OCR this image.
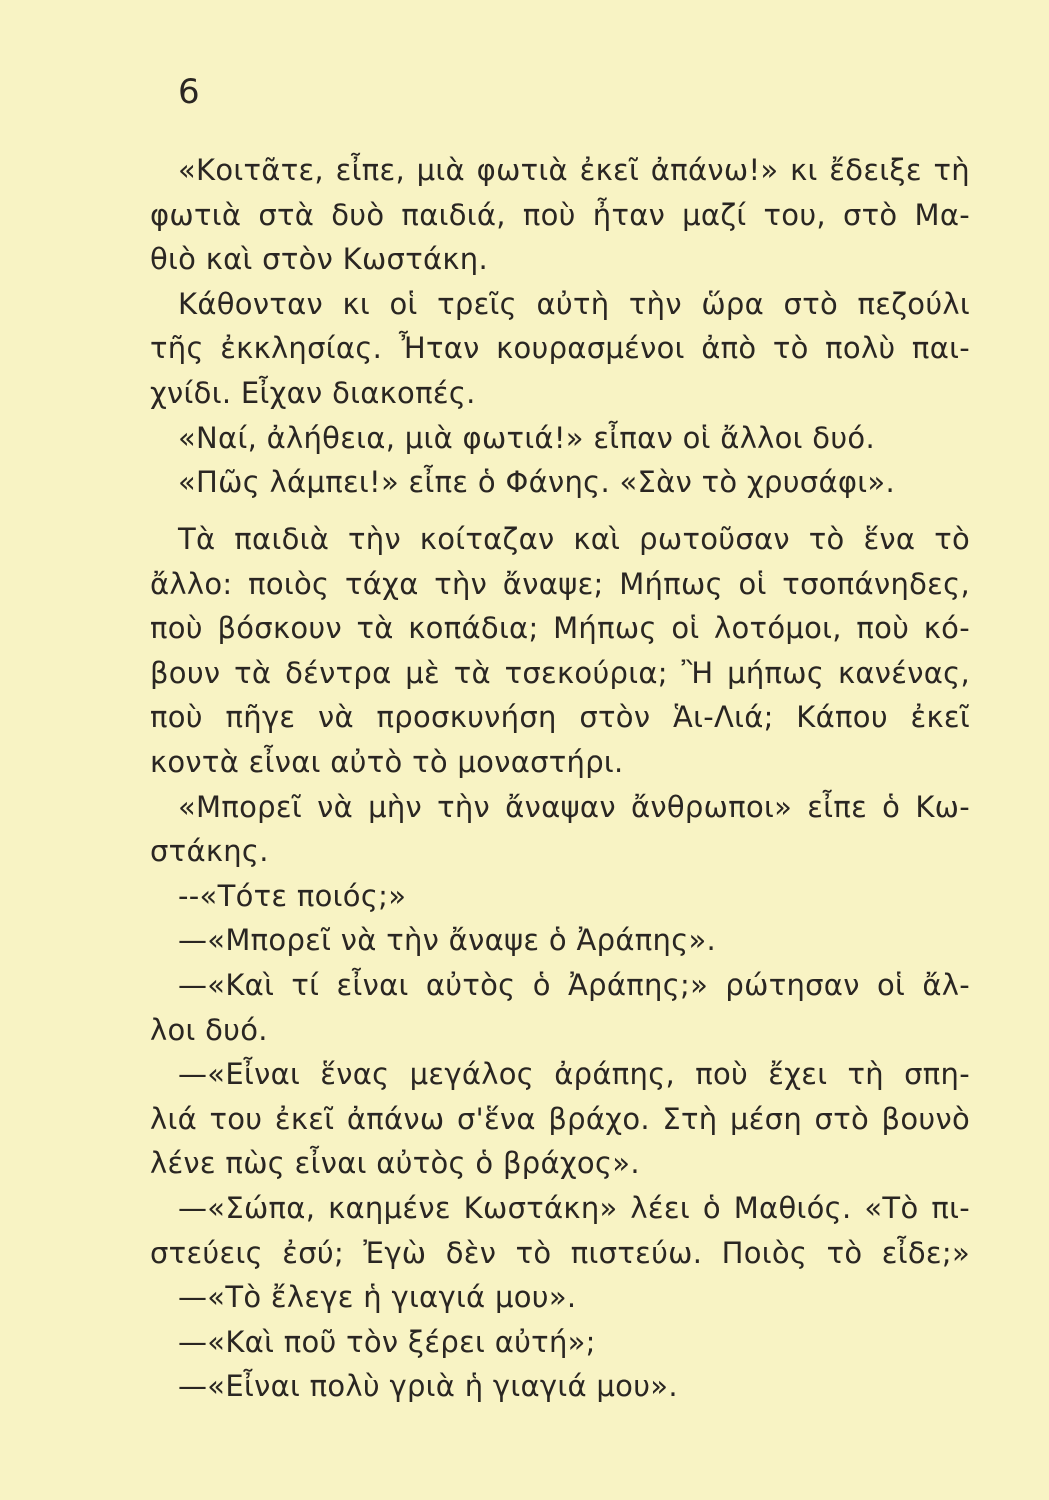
6
«Κοιτᾶτε, εἶπε, μιὰ φωτιὰ ἐκεῖ ἀπάνω!» κι ἔδειξε τὴ
φωτιὰ στὰ δυὸ παιδιά, ποὺ ἦταν μαζί του, στὸ Μα-
θιὸ καὶ στὸν Κωστάκη.
Κάθονταν κι οἱ τρεῖς αὐτὴ τὴν ὥρα στὸ πεζούλι
τῆς ἐκκλησίας. Ἦταν κουρασμένοι ἀπὸ τὸ πολὺ παι-
χνίδι. Εἶχαν διακοπές.
«Ναί, ἀλήθεια, μιὰ φωτιά!» εἶπαν οἱ ἄλλοι δυό.
«Πῶς λάμπει!» εἶπε ὁ Φάνης. «Σὰν τὸ χρυσάφι».
Τὰ παιδιὰ τὴν κοίταζαν καὶ ρωτοῦσαν τὸ ἕνα τὸ
ἄλλο: ποιὸς τάχα τὴν ἄναψε; Μήπως οἱ τσοπάνηδες,
ποὺ βόσκουν τὰ κοπάδια; Μήπως οἱ λοτόμοι, ποὺ κό-
βουν τὰ δέντρα μὲ τὰ τσεκούρια; Ἢ μήπως κανένας,
ποὺ πῆγε νὰ προσκυνήση στὸν Ἁι-Λιά; Κάπου ἐκεῖ
κοντὰ εἶναι αὐτὸ τὸ μοναστήρι.
«Μπορεῖ νὰ μὴν τὴν ἄναψαν ἄνθρωποι» εἶπε ὁ Κω-
στάκης.
--«Τότε ποιός;»
—«Μπορεῖ νὰ τὴν ἄναψε ὁ Ἀράπης».
—«Καὶ τί εἶναι αὐτὸς ὁ Ἀράπης;» ρώτησαν οἱ ἄλ-
λοι δυό.
—«Εἶναι ἕνας μεγάλος ἀράπης, ποὺ ἔχει τὴ σπη-
λιά του ἐκεῖ ἀπάνω σ'ἕνα βράχο. Στὴ μέση στὸ βουνὸ
λένε πὼς εἶναι αὐτὸς ὁ βράχος».
—«Σώπα, καημένε Κωστάκη» λέει ὁ Μαθιός. «Τὸ πι-
στεύεις ἐσύ; Ἐγὼ δὲν τὸ πιστεύω. Ποιὸς τὸ εἶδε;»
—«Τὸ ἔλεγε ἡ γιαγιά μου».
—«Καὶ ποῦ τὸν ξέρει αὐτή»;
—«Εἶναι πολὺ γριὰ ἡ γιαγιά μου».
